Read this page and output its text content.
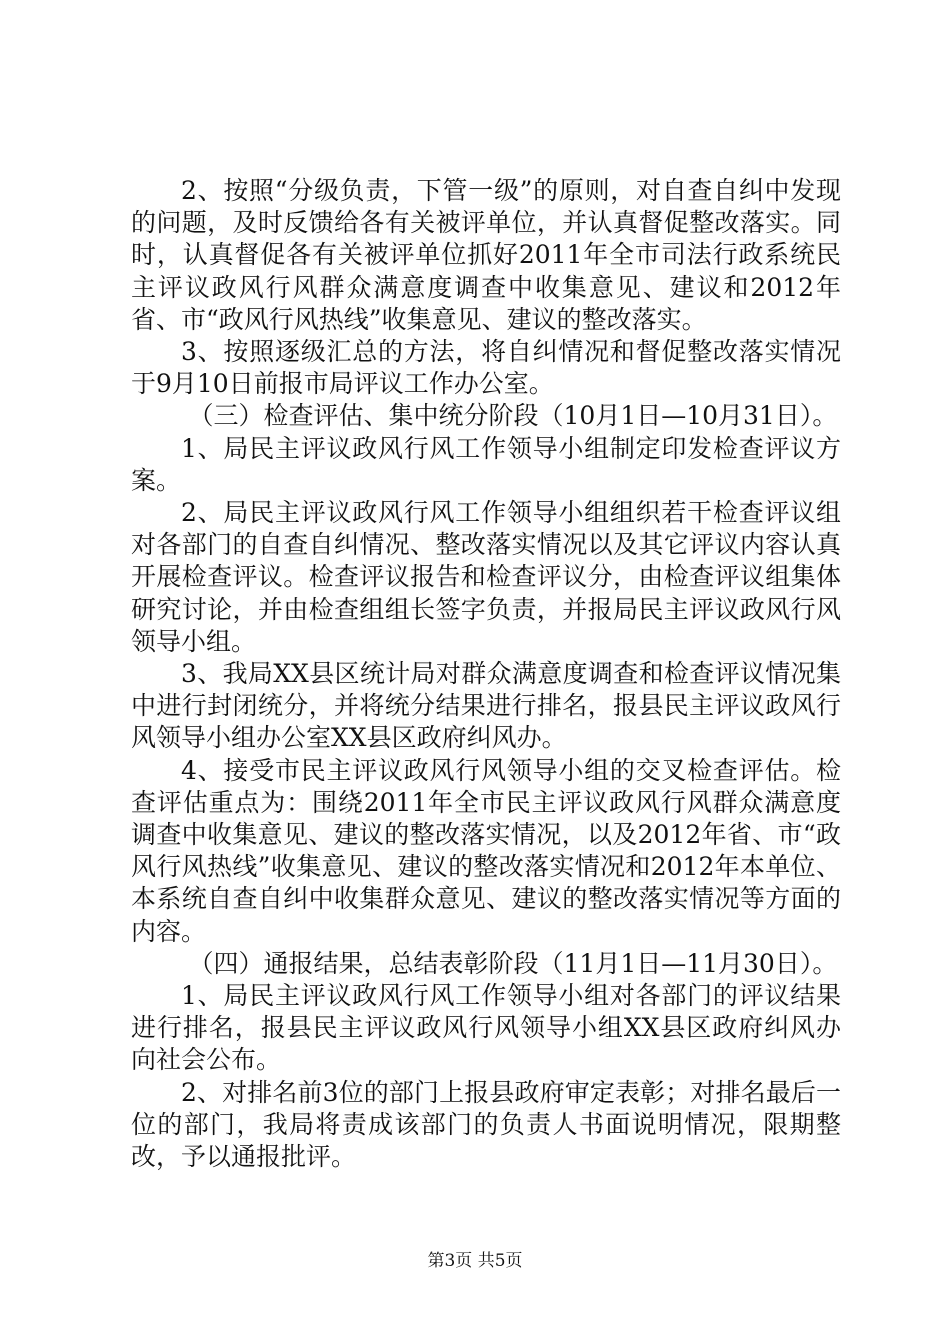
2、按照“分级负责，下管一级”的原则，对自查自纠中发现的问题，及时反馈给各有关被评单位，并认真督促整改落实。同时，认真督促各有关被评单位抓好2011年全市司法行政系统民主评议政风行风群众满意度调查中收集意见、建议和2012年省、市“政风行风热线”收集意见、建议的整改落实。

3、按照逐级汇总的方法，将自纠情况和督促整改落实情况于9月10日前报市局评议工作办公室。

（三）检查评估、集中统分阶段（10月1日—10月31日）。

1、局民主评议政风行风工作领导小组制定印发检查评议方案。

2、局民主评议政风行风工作领导小组组织若干检查评议组对各部门的自查自纠情况、整改落实情况以及其它评议内容认真开展检查评议。检查评议报告和检查评议分，由检查评议组集体研究讨论，并由检查组组长签字负责，并报局民主评议政风行风领导小组。

3、我局XX县区统计局对群众满意度调查和检查评议情况集中进行封闭统分，并将统分结果进行排名，报县民主评议政风行风领导小组办公室XX县区政府纠风办。

4、接受市民主评议政风行风领导小组的交叉检查评估。检查评估重点为：围绕2011年全市民主评议政风行风群众满意度调查中收集意见、建议的整改落实情况，以及2012年省、市“政风行风热线”收集意见、建议的整改落实情况和2012年本单位、本系统自查自纠中收集群众意见、建议的整改落实情况等方面的内容。

（四）通报结果，总结表彰阶段（11月1日—11月30日）。

1、局民主评议政风行风工作领导小组对各部门的评议结果进行排名，报县民主评议政风行风领导小组XX县区政府纠风办向社会公布。

2、对排名前3位的部门上报县政府审定表彰；对排名最后一位的部门，我局将责成该部门的负责人书面说明情况，限期整改，予以通报批评。

第3页 共5页
